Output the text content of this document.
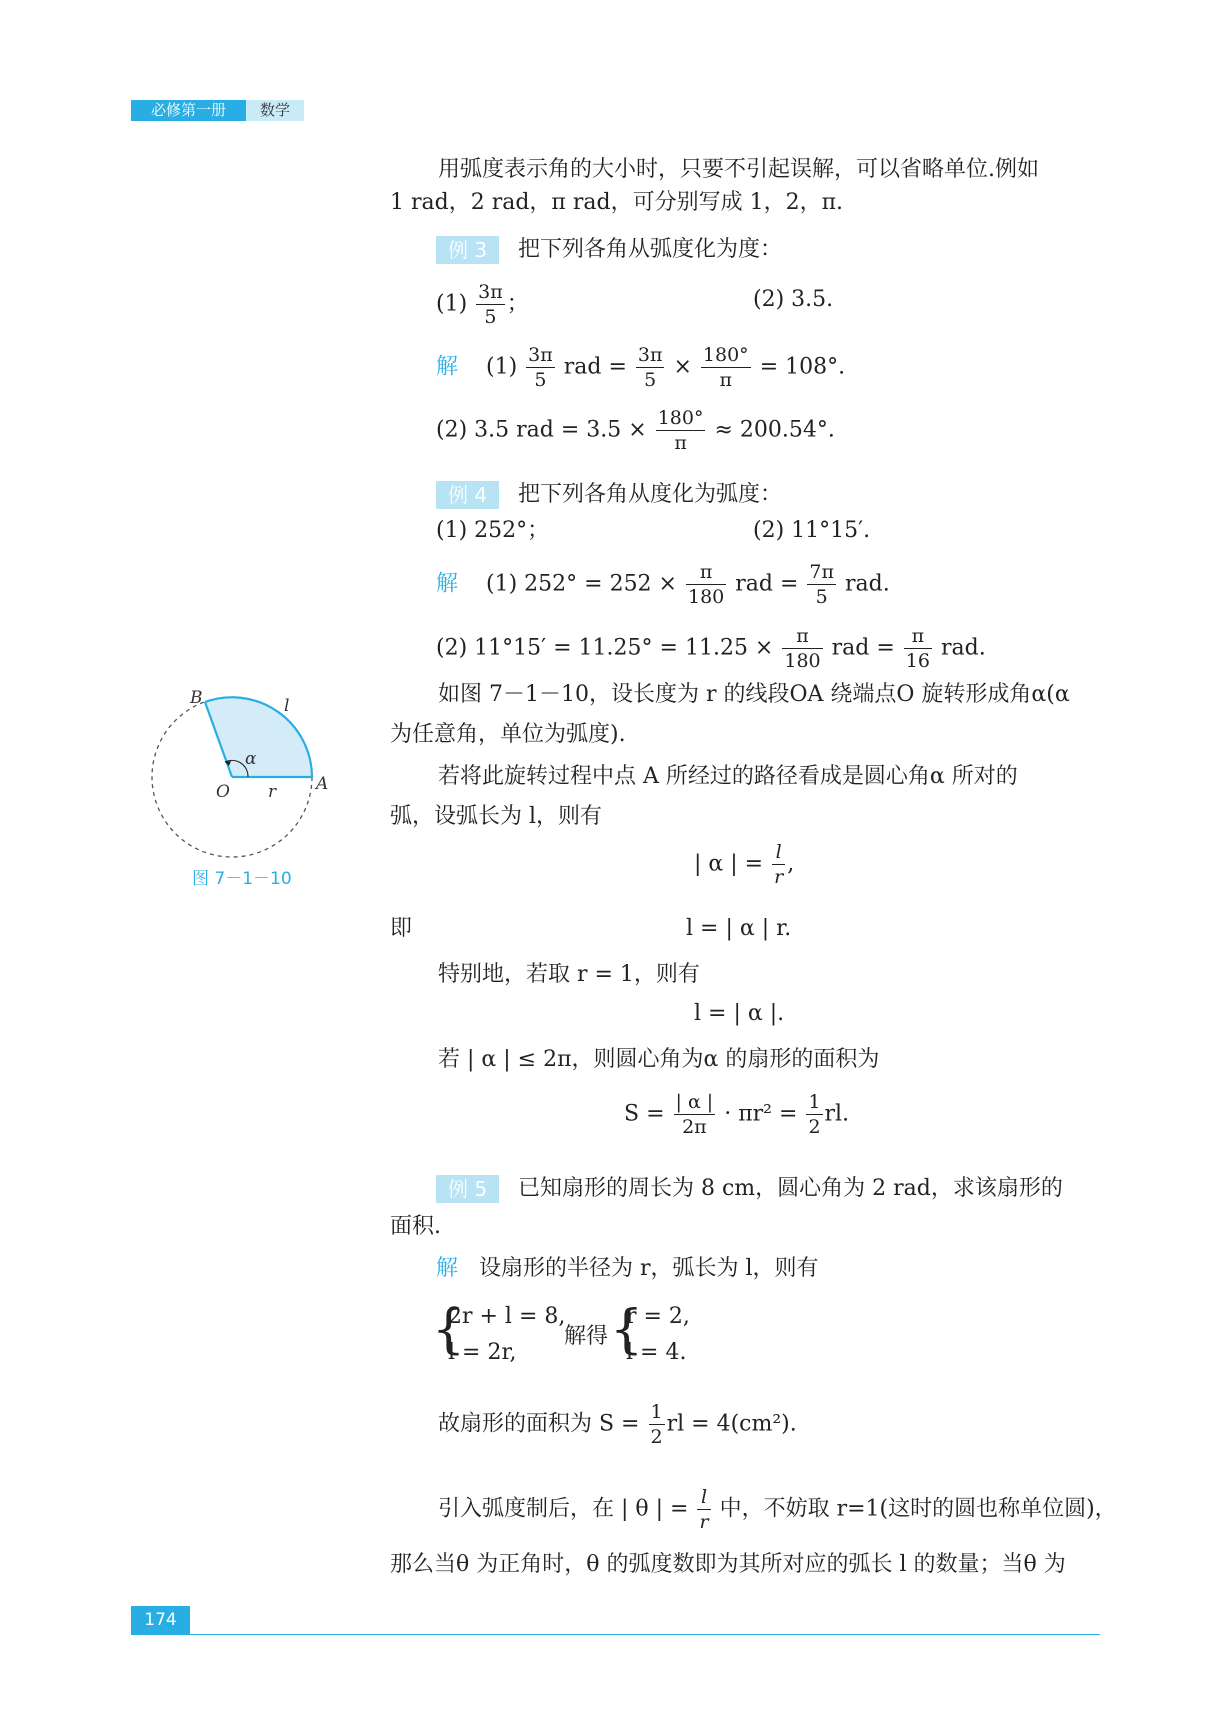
必修第一册	数学
用弧度表示角的大小时，只要不引起误解，可以省略单位.例如
1 rad，2 rad，π rad，可分别写成 1，2，π.
例 3	把下列各角从弧度化为度：
$(1) \frac{3\pi}{5}$ ；	(2) 3.5.
解 $(1) \frac{3\pi}{5}$ rad = $\frac{3\pi}{5} \times \frac{180^\circ}{\pi} = 108^\circ$.
(2) 3.5 rad = $3.5 \times \frac{180^\circ}{\pi} \approx 200.54^\circ$.
例 4	把下列各角从度化为弧度：
(1) 252°；	(2) 11°15′.
解 (1) $252^\circ = 252 \times \frac{\pi}{180}$ rad = $\frac{7\pi}{5}$ rad.
(2) $11^\circ 15' = 11.25^\circ = 11.25 \times \frac{\pi}{180}$ rad = $\frac{\pi}{16}$ rad.
B	l
α
O r A
图 7－1－10
如图 7－1－10，设长度为 r 的线段OA 绕端点O 旋转形成角α(α
为任意角，单位为弧度).
若将此旋转过程中点 A 所经过的路径看成是圆心角α 所对的
弧，设弧长为 l，则有
| α | = $\frac{l}{r}$ ,
即	l = | α | r.
特别地，若取 r = 1，则有
l = | α |.
若 | α | ≤ 2π，则圆心角为α 的扇形的面积为
$S = \frac{| \alpha |}{2\pi} \cdot \pi r^2 = \frac{1}{2}$ rl.
例 5	已知扇形的周长为 8 cm，圆心角为 2 rad，求该扇形的
面积.
解 设扇形的半径为 r，弧长为 l，则有
{
2r + l = 8,
l = 2r,
解得 {
r = 2,
l = 4.
故扇形的面积为 $S = \frac{1}{2}$ rl = 4(cm²).
引入弧度制后，在 | θ | = $\frac{l}{r}$ 中，不妨取 r=1(这时的圆也称单位圆)，
那么当θ 为正角时，θ 的弧度数即为其所对应的弧长 l 的数量；当θ 为
174
